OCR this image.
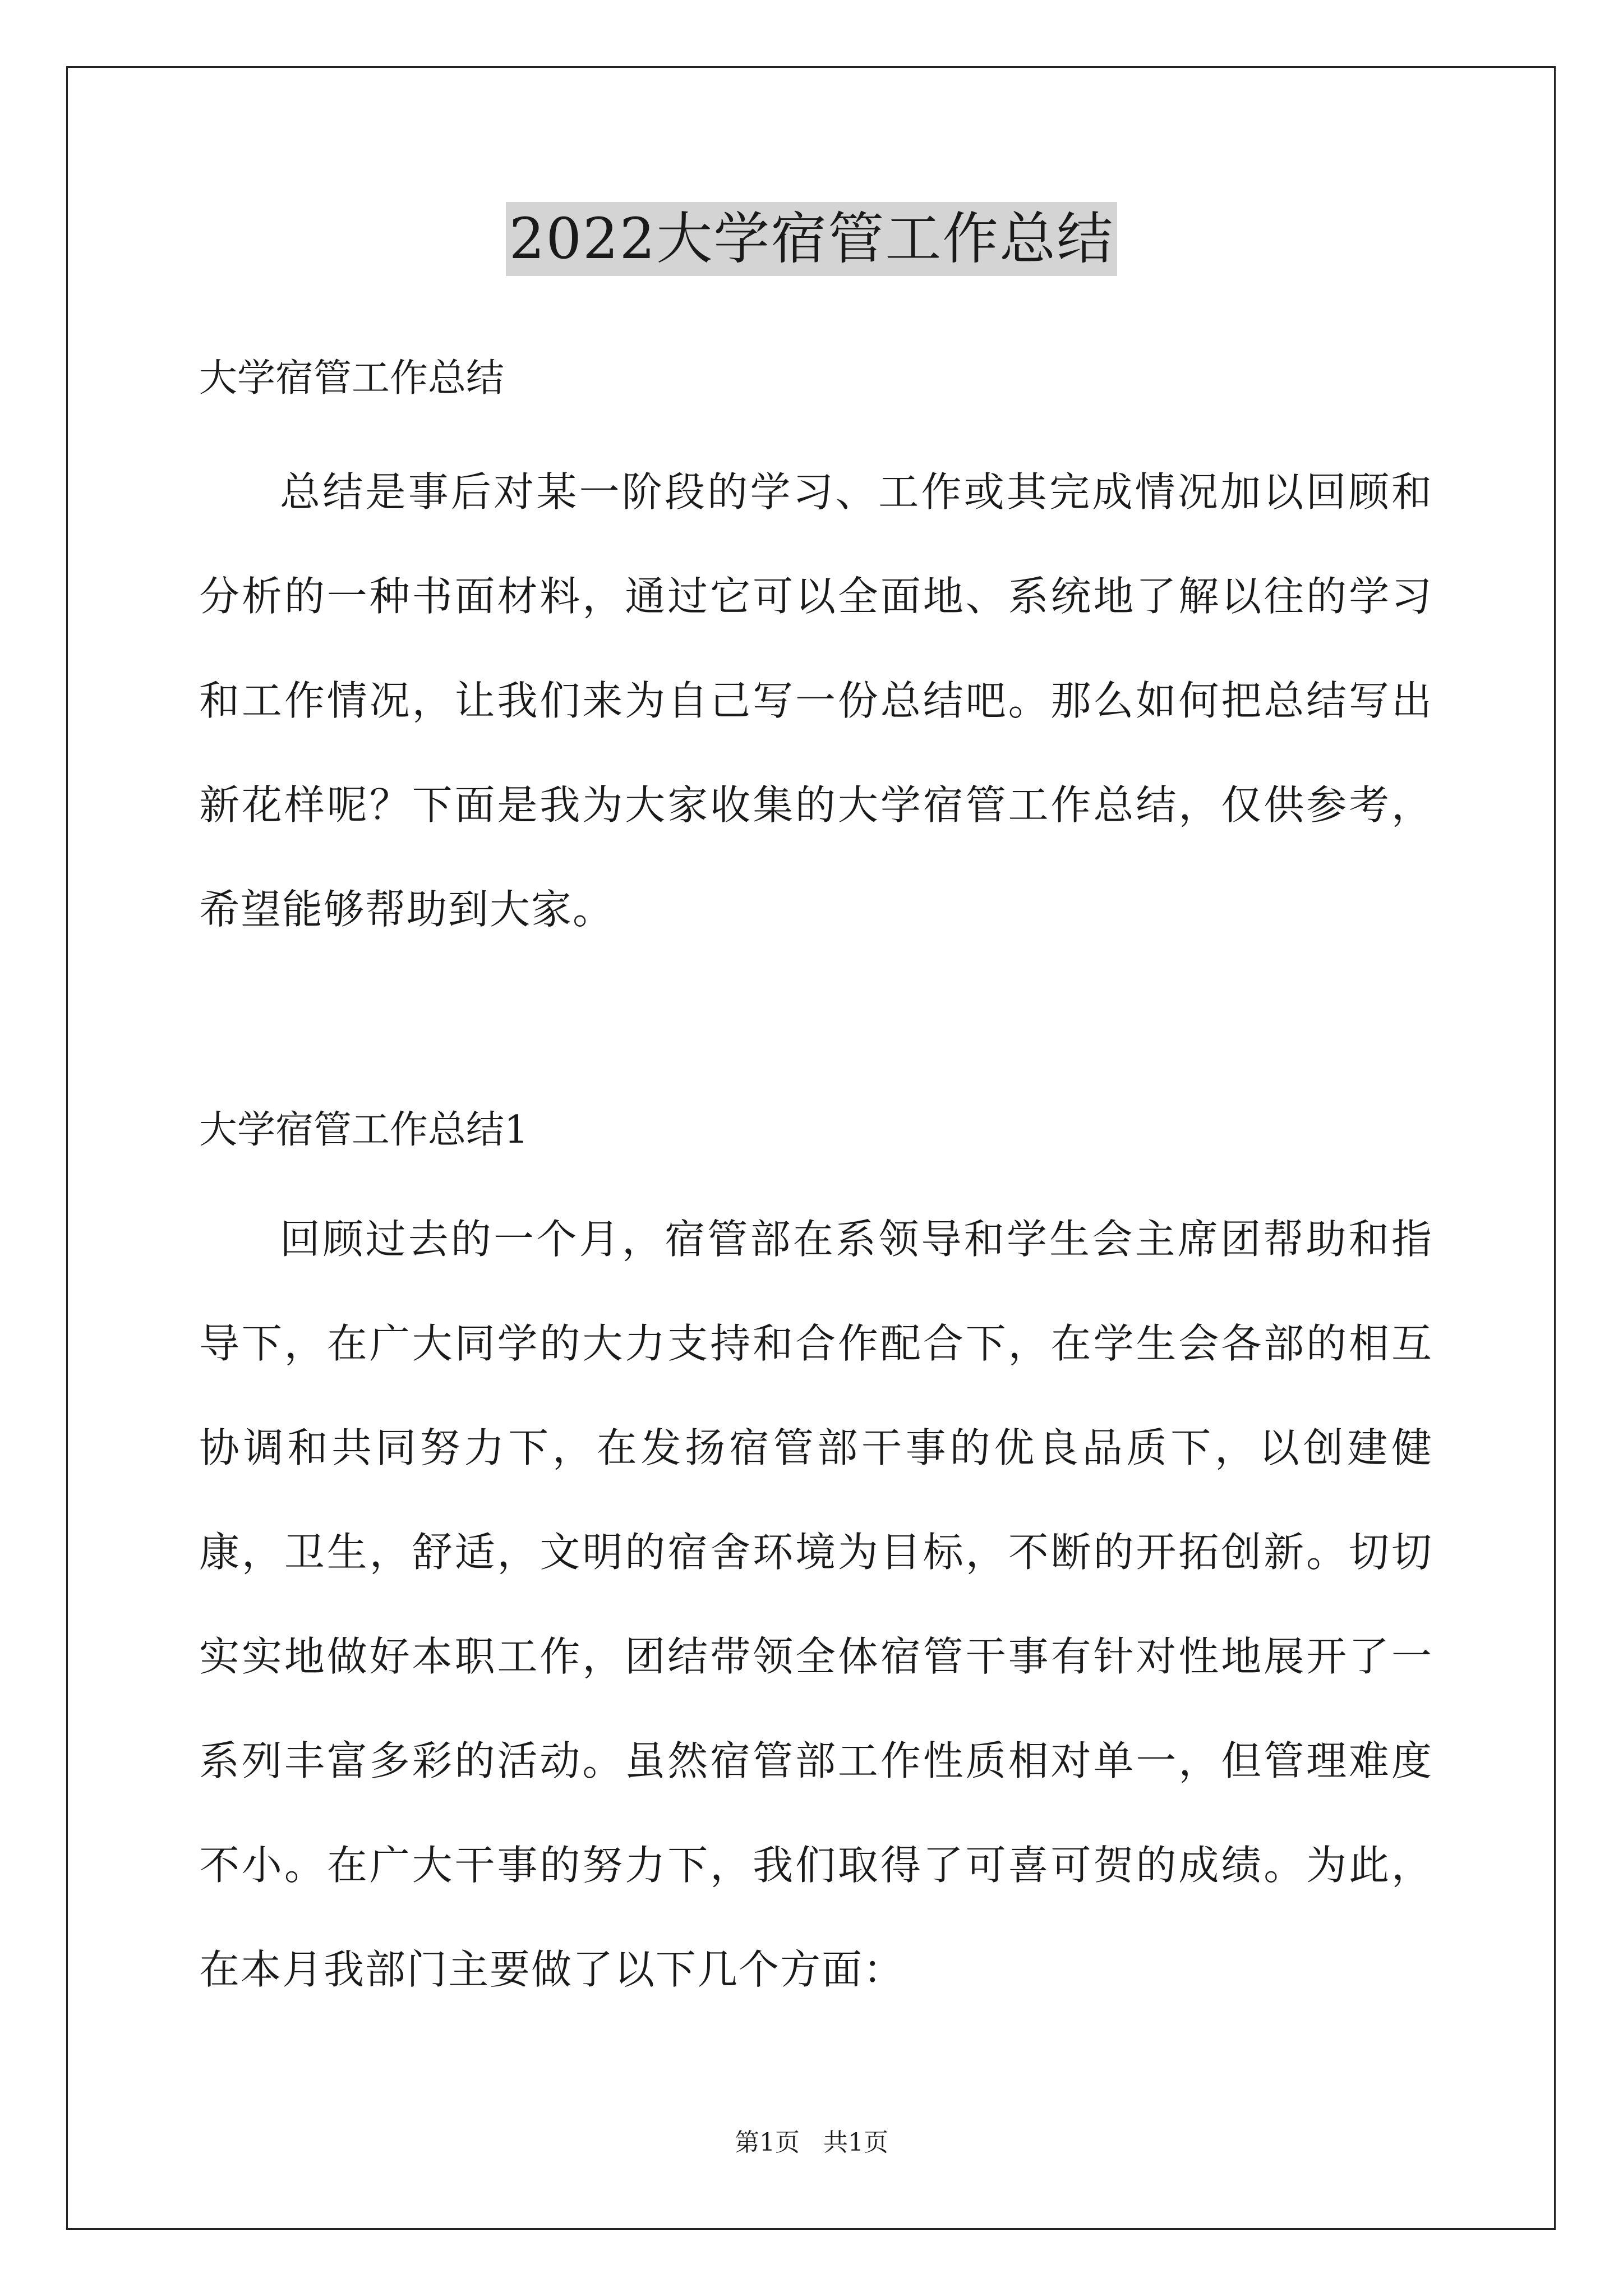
2022大学宿管工作总结
大学宿管工作总结

总结是事后对某一阶段的学习、工作或其完成情况加以回顾和分析的一种书面材料，通过它可以全面地、系统地了解以往的学习和工作情况，让我们来为自己写一份总结吧。那么如何把总结写出新花样呢？下面是我为大家收集的大学宿管工作总结，仅供参考，希望能够帮助到大家。

大学宿管工作总结1

回顾过去的一个月，宿管部在系领导和学生会主席团帮助和指导下，在广大同学的大力支持和合作配合下，在学生会各部的相互协调和共同努力下，在发扬宿管部干事的优良品质下，以创建健康，卫生，舒适，文明的宿舍环境为目标，不断的开拓创新。切切实实地做好本职工作，团结带领全体宿管干事有针对性地展开了一系列丰富多彩的活动。虽然宿管部工作性质相对单一，但管理难度不小。在广大干事的努力下，我们取得了可喜可贺的成绩。为此，在本月我部门主要做了以下几个方面：

第1页   共1页
